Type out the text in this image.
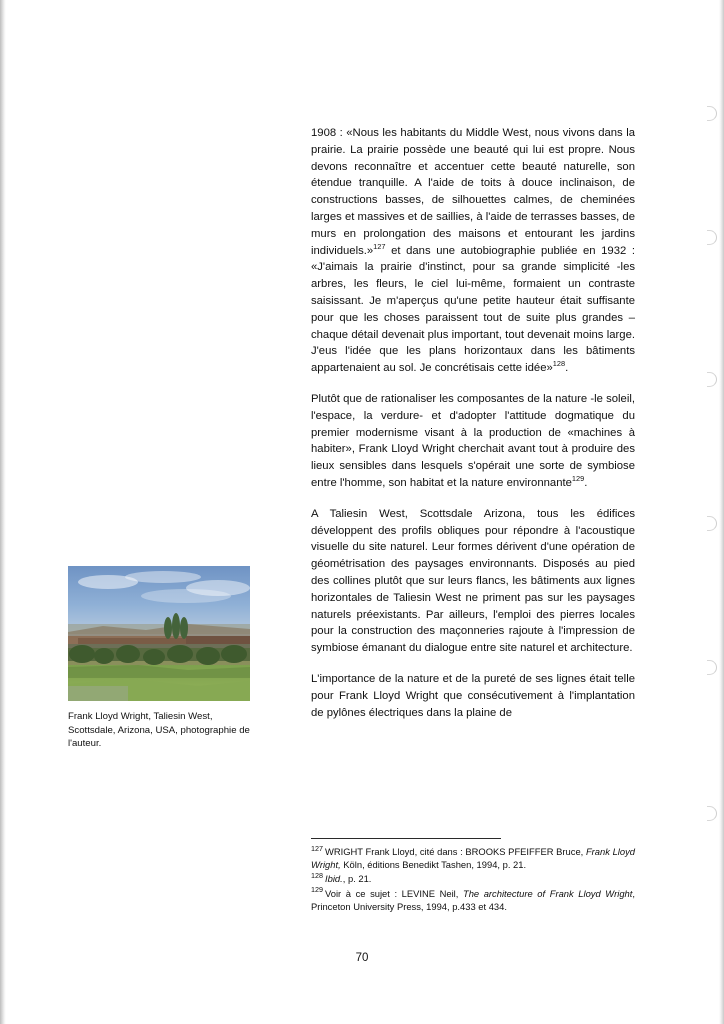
1908 : «Nous les habitants du Middle West, nous vivons dans la prairie. La prairie possède une beauté qui lui est propre. Nous devons reconnaître et accentuer cette beauté naturelle, son étendue tranquille. A l'aide de toits à douce inclinaison, de constructions basses, de silhouettes calmes, de cheminées larges et massives et de saillies, à l'aide de terrasses basses, de murs en prolongation des maisons et entourant les jardins individuels.»$^{127}$ et dans une autobiographie publiée en 1932 : «J'aimais la prairie d'instinct, pour sa grande simplicité -les arbres, les fleurs, le ciel lui-même, formaient un contraste saisissant. Je m'aperçus qu'une petite hauteur était suffisante pour que les choses paraissent tout de suite plus grandes –chaque détail devenait plus important, tout devenait moins large. J'eus l'idée que les plans horizontaux dans les bâtiments appartenaient au sol. Je concrétisais cette idée»$^{128}$.

Plutôt que de rationaliser les composantes de la nature -le soleil, l'espace, la verdure- et d'adopter l'attitude dogmatique du premier modernisme visant à la production de «machines à habiter», Frank Lloyd Wright cherchait avant tout à produire des lieux sensibles dans lesquels s'opérait une sorte de symbiose entre l'homme, son habitat et la nature environnante$^{129}$.

A Taliesin West, Scottsdale Arizona, tous les édifices développent des profils obliques pour répondre à l'acoustique visuelle du site naturel. Leur formes dérivent d'une opération de géométrisation des paysages environnants. Disposés au pied des collines plutôt que sur leurs flancs, les bâtiments aux lignes horizontales de Taliesin West ne priment pas sur les paysages naturels préexistants. Par ailleurs, l'emploi des pierres locales pour la construction des maçonneries rajoute à l'impression de symbiose émanant du dialogue entre site naturel et architecture.

L'importance de la nature et de la pureté de ses lignes était telle pour Frank Lloyd Wright que consécutivement à l'implantation de pylônes électriques dans la plaine de

Frank Lloyd Wright, Taliesin West, Scottsdale, Arizona, USA, photographie de l'auteur.
$^{127}$ WRIGHT Frank Lloyd, cité dans : BROOKS PFEIFFER Bruce, Frank Lloyd Wright, Köln, éditions Benedikt Tashen, 1994, p. 21.
$^{128}$ Ibid., p. 21.
$^{129}$ Voir à ce sujet : LEVINE Neil, The architecture of Frank Lloyd Wright, Princeton University Press, 1994, p.433 et 434.
70
